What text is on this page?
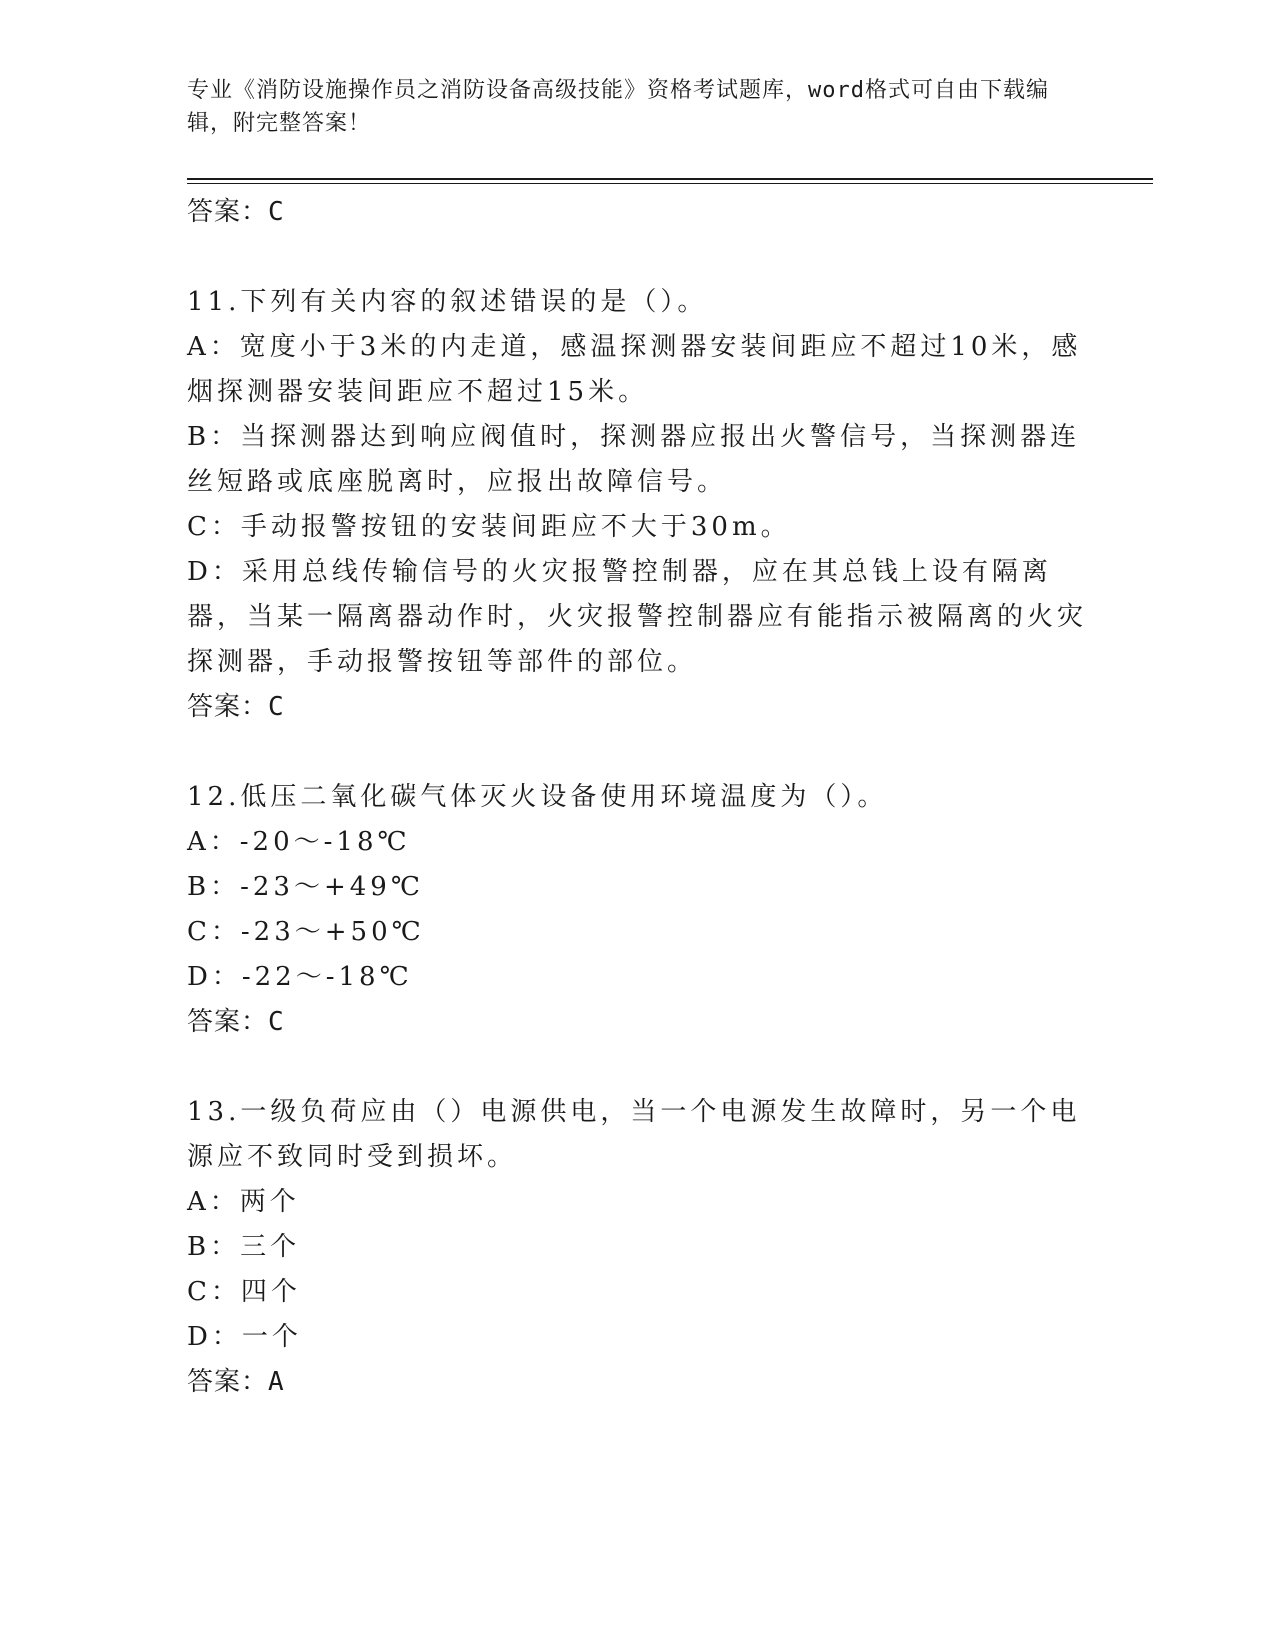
专业《消防设施操作员之消防设备高级技能》资格考试题库，word格式可自由下载编辑，附完整答案！

答案：C

11.下列有关内容的叙述错误的是（）。

A：宽度小于3米的内走道，感温探测器安装间距应不超过10米，感烟探测器安装间距应不超过15米。

B：当探测器达到响应阀值时，探测器应报出火警信号，当探测器连丝短路或底座脱离时，应报出故障信号。

C：手动报警按钮的安装间距应不大于30m。

D：采用总线传输信号的火灾报警控制器，应在其总钱上设有隔离器，当某一隔离器动作时，火灾报警控制器应有能指示被隔离的火灾探测器，手动报警按钮等部件的部位。

答案：C

12.低压二氧化碳气体灭火设备使用环境温度为（）。

A：-20～-18℃

B：-23～+49℃

C：-23～+50℃

D：-22～-18℃

答案：C

13.一级负荷应由（）电源供电，当一个电源发生故障时，另一个电源应不致同时受到损坏。

A：两个

B：三个

C：四个

D：一个

答案：A
